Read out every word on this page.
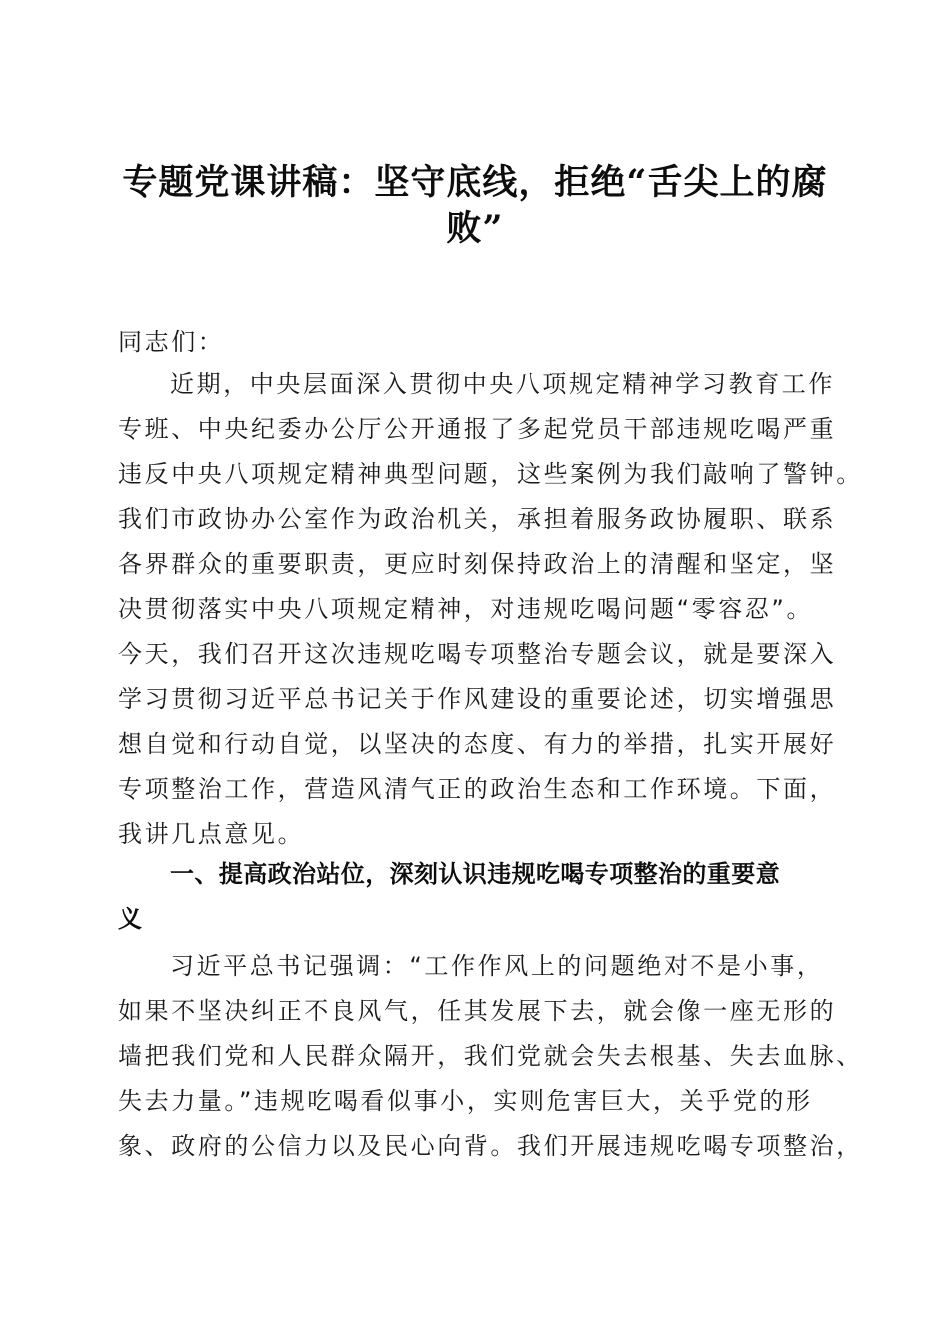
专题党课讲稿：坚守底线，拒绝“舌尖上的腐
败”
同志们：
近期，中央层面深入贯彻中央八项规定精神学习教育工作
专班、中央纪委办公厅公开通报了多起党员干部违规吃喝严重
违反中央八项规定精神典型问题，这些案例为我们敲响了警钟。
我们市政协办公室作为政治机关，承担着服务政协履职、联系
各界群众的重要职责，更应时刻保持政治上的清醒和坚定，坚
决贯彻落实中央八项规定精神，对违规吃喝问题“零容忍”。
今天，我们召开这次违规吃喝专项整治专题会议，就是要深入
学习贯彻习近平总书记关于作风建设的重要论述，切实增强思
想自觉和行动自觉，以坚决的态度、有力的举措，扎实开展好
专项整治工作，营造风清气正的政治生态和工作环境。下面，
我讲几点意见。
一、提高政治站位，深刻认识违规吃喝专项整治的重要意
义
习近平总书记强调：“工作作风上的问题绝对不是小事，
如果不坚决纠正不良风气，任其发展下去，就会像一座无形的
墙把我们党和人民群众隔开，我们党就会失去根基、失去血脉、
失去力量。”违规吃喝看似事小，实则危害巨大，关乎党的形
象、政府的公信力以及民心向背。我们开展违规吃喝专项整治，
